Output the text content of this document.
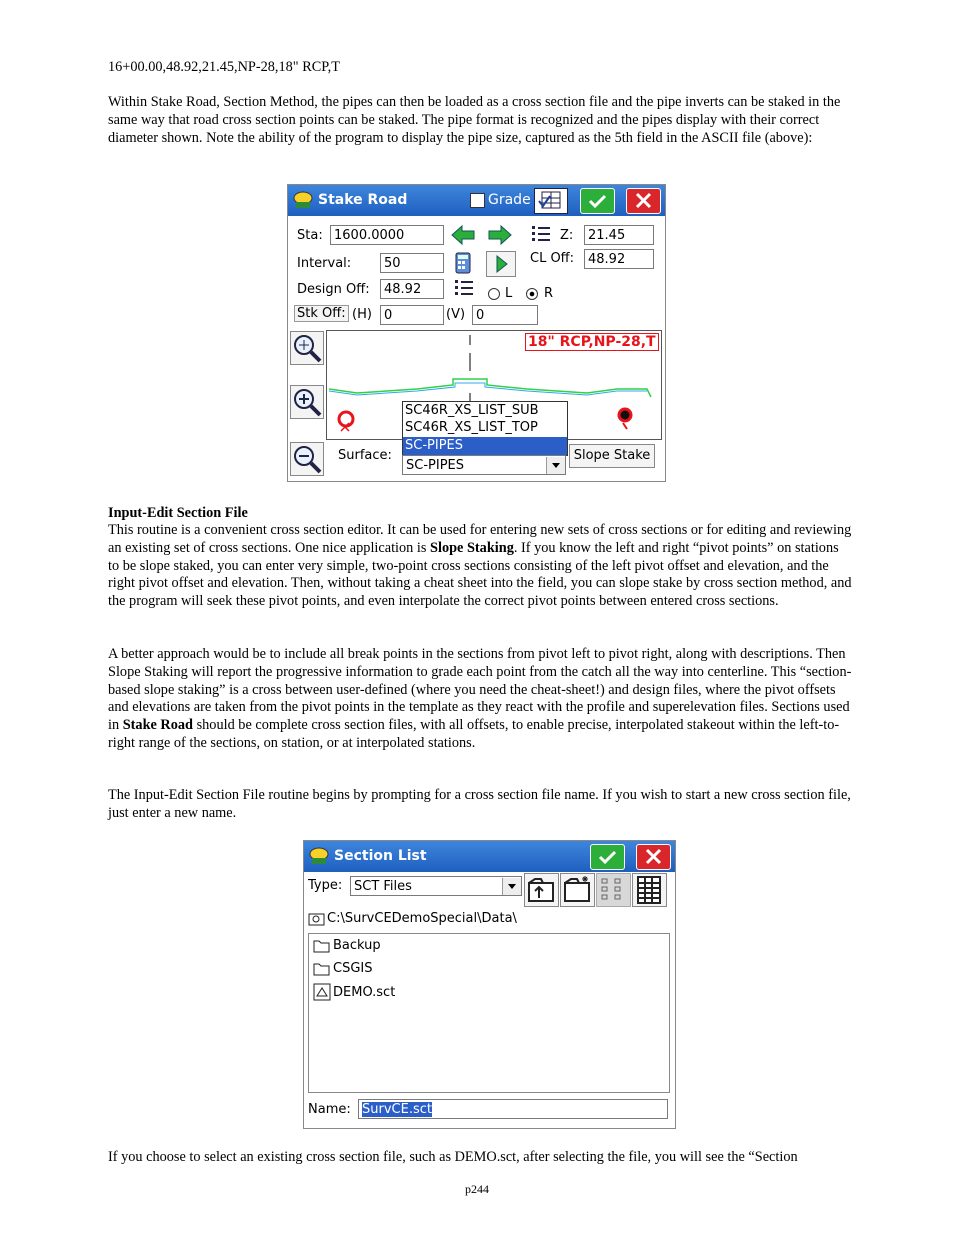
16+00.00,48.92,21.45,NP-28,18" RCP,T

Within Stake Road, Section Method, the pipes can then be loaded as a cross section file and the pipe inverts can be staked in the same way that road cross section points can be staked. The pipe format is recognized and the pipes display with their correct diameter shown. Note the ability of the program to display the pipe size, captured as the 5th field in the ASCII file (above):

Stake Road	Grade
Sta: 1600.0000	Z:	21.45
Interval:	50	CL Off:	48.92
Design Off:	48.92	L R
Stk Off: (H) 0	(V) 0
18" RCP,NP-28,T
SC46R_XS_LIST_SUB
SC46R_XS_LIST_TOP
SC-PIPES
Surface:
SC-PIPES
Slope Stake

Input-Edit Section File

This routine is a convenient cross section editor. It can be used for entering new sets of cross sections or for editing and reviewing an existing set of cross sections. One nice application is Slope Staking. If you know the left and right “pivot points” on stations to be slope staked, you can enter very simple, two-point cross sections consisting of the left pivot offset and elevation, and the right pivot offset and elevation. Then, without taking a cheat sheet into the field, you can slope stake by cross section method, and the program will seek these pivot points, and even interpolate the correct pivot points between entered cross sections.

A better approach would be to include all break points in the sections from pivot left to pivot right, along with descriptions. Then Slope Staking will report the progressive information to grade each point from the catch all the way into centerline. This “section-based slope staking” is a cross between user-defined (where you need the cheat-sheet!) and design files, where the pivot offsets and elevations are taken from the pivot points in the template as they react with the profile and superelevation files. Sections used in Stake Road should be complete cross section files, with all offsets, to enable precise, interpolated stakeout within the left-to-right range of the sections, on station, or at interpolated stations.

The Input-Edit Section File routine begins by prompting for a cross section file name. If you wish to start a new cross section file, just enter a new name.

Section List
Type: SCT Files
C:\SurvCEDemoSpecial\Data\
Backup
CSGIS
DEMO.sct
Name: SurvCE.sct

If you choose to select an existing cross section file, such as DEMO.sct, after selecting the file, you will see the “Section

p244
